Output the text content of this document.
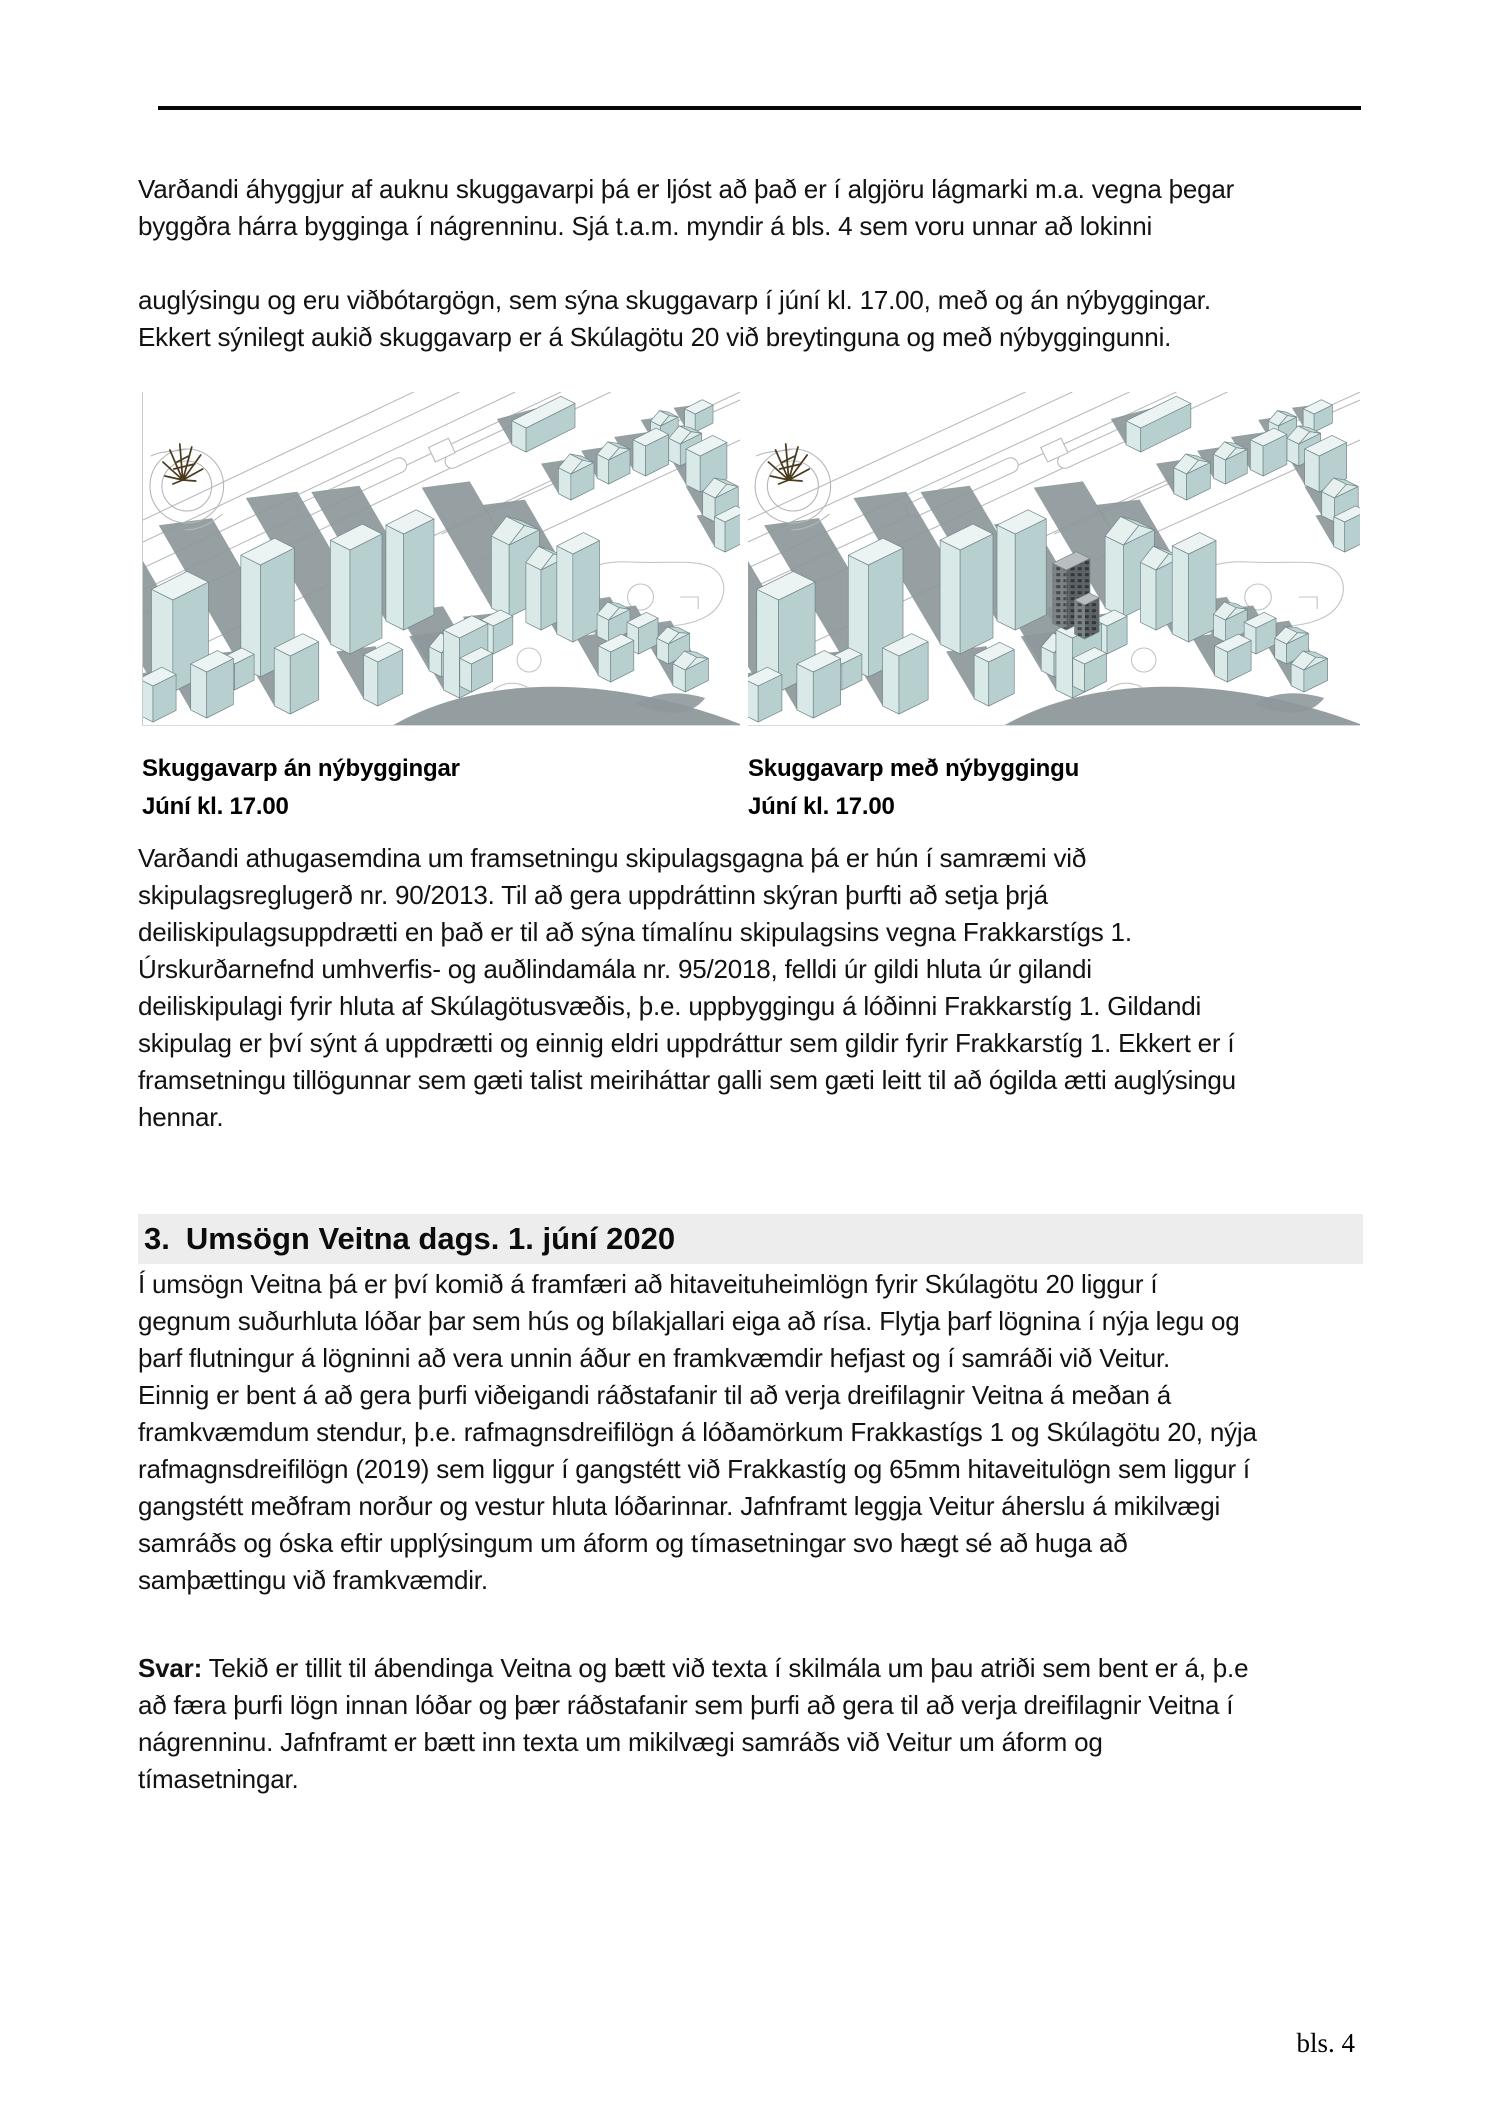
Varðandi áhyggjur af auknu skuggavarpi þá er ljóst að það er í algjöru lágmarki m.a. vegna þegar
byggðra hárra bygginga í nágrenninu. Sjá t.a.m. myndir á bls. 4 sem voru unnar að lokinni
auglýsingu og eru viðbótargögn, sem sýna skuggavarp í júní kl. 17.00, með og án nýbyggingar.
Ekkert sýnilegt aukið skuggavarp er á Skúlagötu 20 við breytinguna og með nýbyggingunni.
Skuggavarp án nýbyggingar
Júní kl. 17.00
Skuggavarp með nýbyggingu
Júní kl. 17.00
Varðandi athugasemdina um framsetningu skipulagsgagna þá er hún í samræmi við
skipulagsreglugerð nr. 90/2013. Til að gera uppdráttinn skýran þurfti að setja þrjá
deiliskipulagsuppdrætti en það er til að sýna tímalínu skipulagsins vegna Frakkarstígs 1.
Úrskurðarnefnd umhverfis- og auðlindamála nr. 95/2018, felldi úr gildi hluta úr gilandi
deiliskipulagi fyrir hluta af Skúlagötusvæðis, þ.e. uppbyggingu á lóðinni Frakkarstíg 1. Gildandi
skipulag er því sýnt á uppdrætti og einnig eldri uppdráttur sem gildir fyrir Frakkarstíg 1. Ekkert er í
framsetningu tillögunnar sem gæti talist meiriháttar galli sem gæti leitt til að ógilda ætti auglýsingu
hennar.
3. Umsögn Veitna dags. 1. júní 2020
Í umsögn Veitna þá er því komið á framfæri að hitaveituheimlögn fyrir Skúlagötu 20 liggur í
gegnum suðurhluta lóðar þar sem hús og bílakjallari eiga að rísa. Flytja þarf lögnina í nýja legu og
þarf flutningur á lögninni að vera unnin áður en framkvæmdir hefjast og í samráði við Veitur.
Einnig er bent á að gera þurfi viðeigandi ráðstafanir til að verja dreifilagnir Veitna á meðan á
framkvæmdum stendur, þ.e. rafmagnsdreifilögn á lóðamörkum Frakkastígs 1 og Skúlagötu 20, nýja
rafmagnsdreifilögn (2019) sem liggur í gangstétt við Frakkastíg og 65mm hitaveitulögn sem liggur í
gangstétt meðfram norður og vestur hluta lóðarinnar. Jafnframt leggja Veitur áherslu á mikilvægi
samráðs og óska eftir upplýsingum um áform og tímasetningar svo hægt sé að huga að
samþættingu við framkvæmdir.
Svar: Tekið er tillit til ábendinga Veitna og bætt við texta í skilmála um þau atriði sem bent er á, þ.e
að færa þurfi lögn innan lóðar og þær ráðstafanir sem þurfi að gera til að verja dreifilagnir Veitna í
nágrenninu. Jafnframt er bætt inn texta um mikilvægi samráðs við Veitur um áform og
tímasetningar.
bls. 4
